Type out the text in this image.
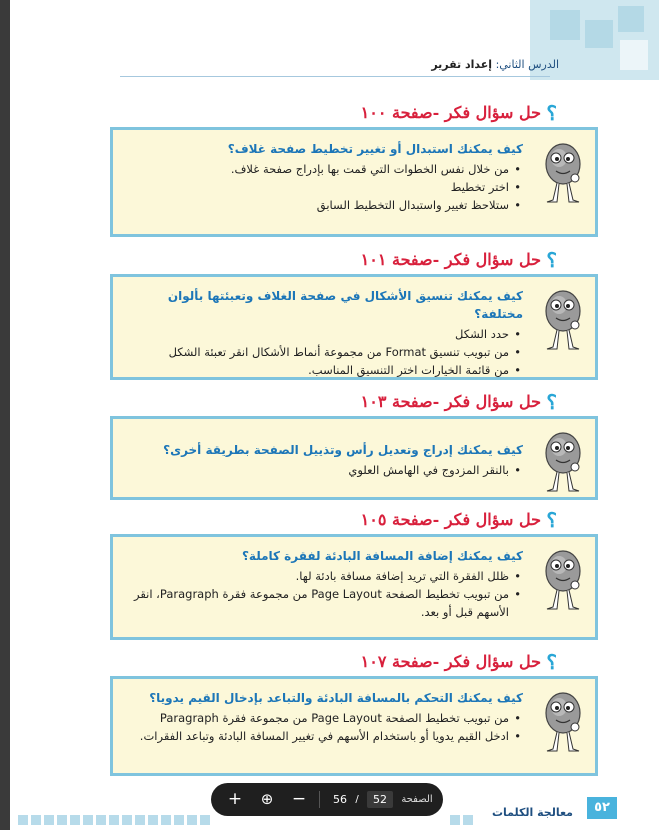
الدرس الثاني: إعداد تقرير
؟
حل سؤال فكر -صفحة ١٠٠

كيف يمكنك استبدال أو تغيير تخطيط صفحة غلاف؟

• من خلال نفس الخطوات التي قمت بها بإدراج صفحة غلاف.
• اختر تخطيط
• ستلاحظ تغيير واستبدال التخطيط السابق
؟
حل سؤال فكر -صفحة ١٠١

كيف يمكنك تنسيق الأشكال في صفحة الغلاف وتعبئتها بألوان مختلفة؟

• حدد الشكل
• من تبويب تنسيق Format من مجموعة أنماط الأشكال انقر تعبئة الشكل
• من قائمة الخيارات اختر التنسيق المناسب.
؟
حل سؤال فكر -صفحة ١٠٣

كيف يمكنك إدراج وتعديل رأس وتذييل الصفحة بطريقة أخرى؟

• بالنقر المزدوج في الهامش العلوي
؟
حل سؤال فكر -صفحة ١٠٥

كيف يمكنك إضافة المسافة البادئة لفقرة كاملة؟

• ظلل الفقرة التي تريد إضافة مسافة بادئة لها.
• من تبويب تخطيط الصفحة Page Layout من مجموعة فقرة Paragraph، انقر الأسهم قبل أو بعد.
؟
حل سؤال فكر -صفحة ١٠٧

كيف يمكنك التحكم بالمسافة البادئة والتباعد بإدخال القيم يدويا؟

• من تبويب تخطيط الصفحة Page Layout من مجموعة فقرة Paragraph
• ادخل القيم يدويا أو باستخدام الأسهم في تغيير المسافة البادئة وتباعد الفقرات.
معالجة الكلمات	٥٢
+	⊕	−	56 /	52	الصفحة
